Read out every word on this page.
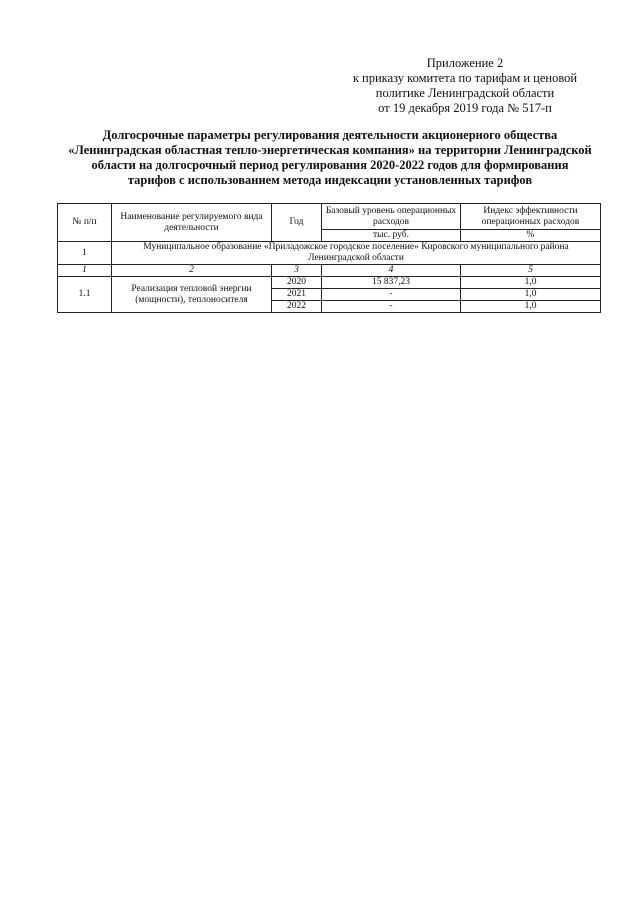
Приложение 2
к приказу комитета по тарифам и ценовой
политике Ленинградской области
от 19 декабря 2019 года № 517-п
Долгосрочные параметры регулирования деятельности акционерного общества
«Ленинградская областная тепло-энергетическая компания» на территории Ленинградской
области на долгосрочный период регулирования 2020-2022 годов для формирования
тарифов с использованием метода индексации установленных тарифов
№ п/п	Наименование регулируемого вида деятельности	Год	Базовый уровень операционных расходов	Индекс эффективности операционных расходов
			тыс. руб.	%
1	Муниципальное образование «Приладожское городское поселение» Кировского муниципального района Ленинградской области			
1	2	3	4	5
1.1	Реализация тепловой энергии (мощности), теплоносителя	2020	15 837,23	1,0
		2021	-	1,0
		2022	-	1,0
